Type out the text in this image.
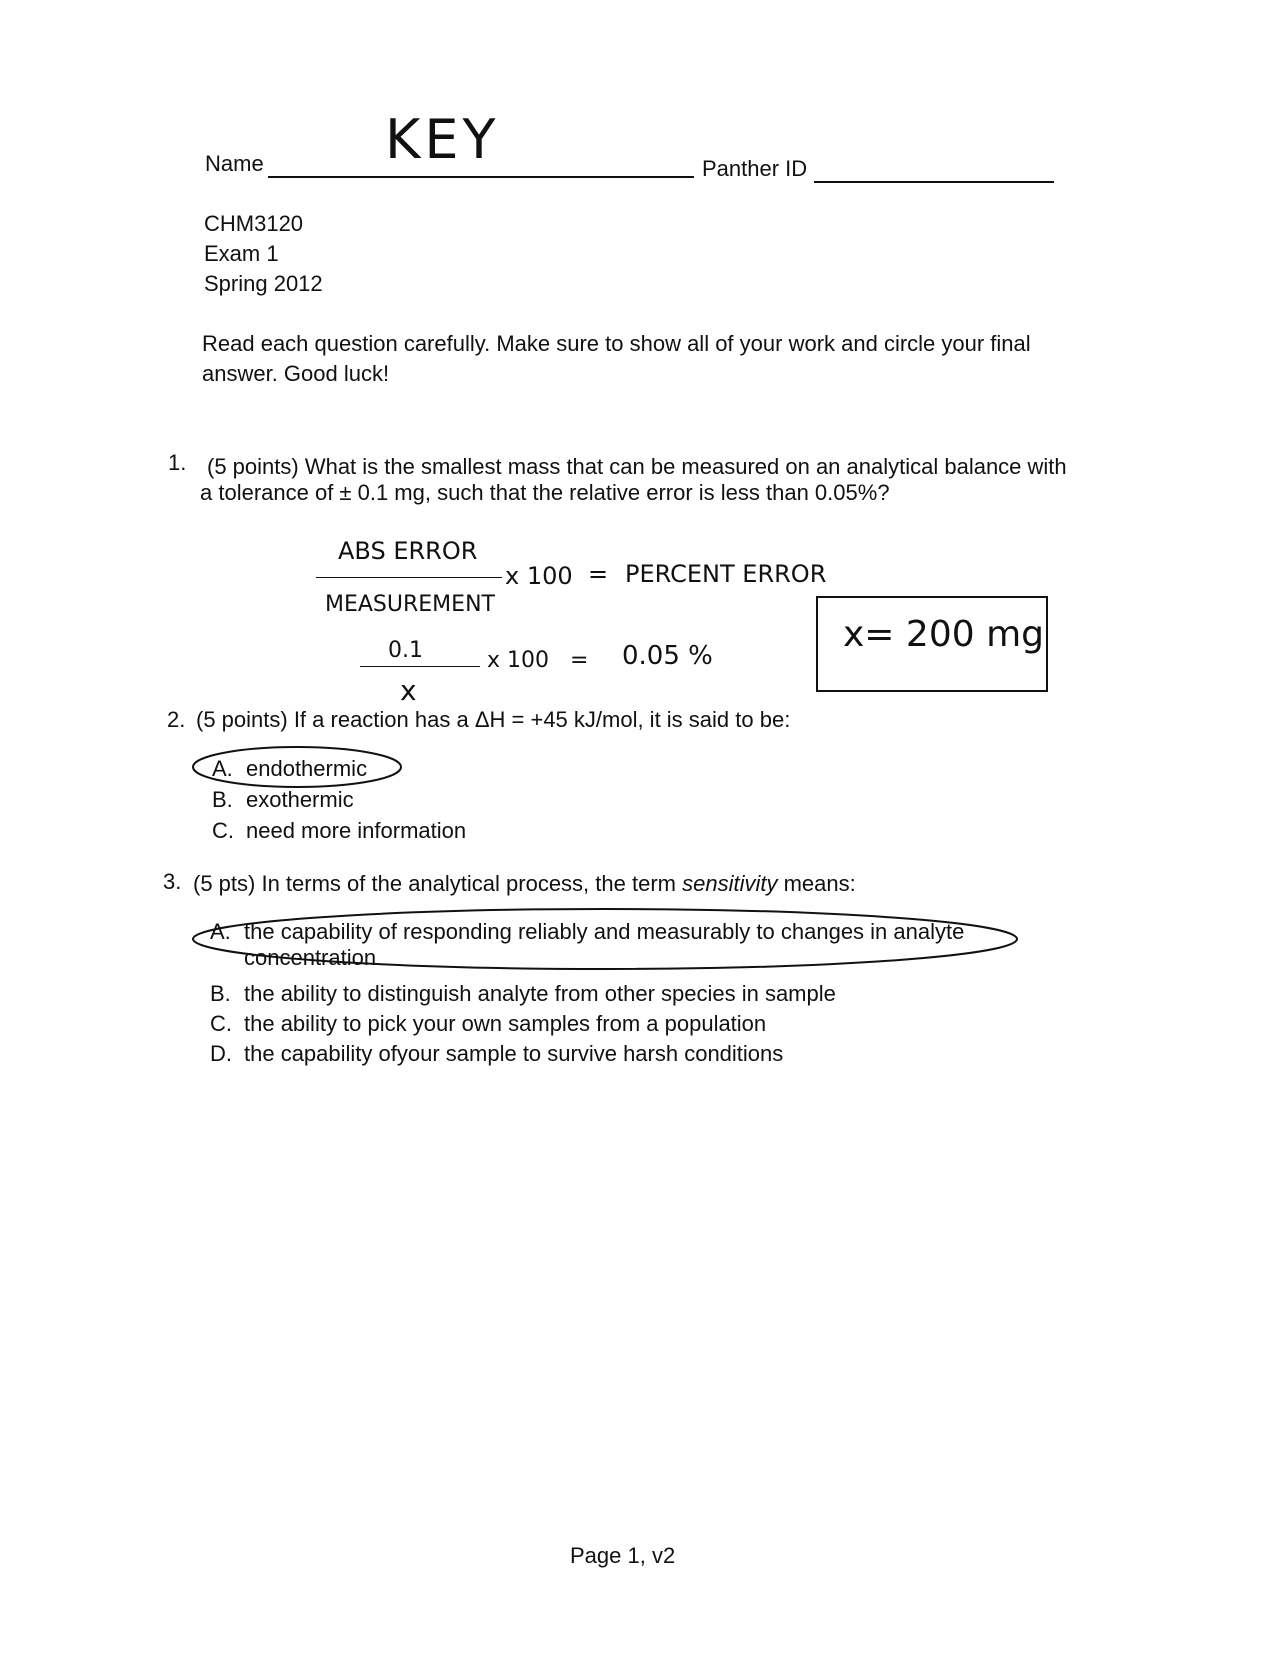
Name KEY	Panther ID
CHM3120
Exam 1
Spring 2012
Read each question carefully. Make sure to show all of your work and circle your final
answer. Good luck!
1. (5 points) What is the smallest mass that can be measured on an analytical balance with
a tolerance of ± 0.1 mg, such that the relative error is less than 0.05%?
ABS ERROR
MEASUREMENT
x 100 = PERCENT ERROR
0.1
x
x 100 = 0.05 %
x= 200 mg
2. (5 points) If a reaction has a ΔH = +45 kJ/mol, it is said to be:
A. endothermic
B. exothermic
C. need more information
3. (5 pts) In terms of the analytical process, the term sensitivity means:
A. the capability of responding reliably and measurably to changes in analyte
concentration
B. the ability to distinguish analyte from other species in sample
C. the ability to pick your own samples from a population
D. the capability ofyour sample to survive harsh conditions
Page 1, v2
